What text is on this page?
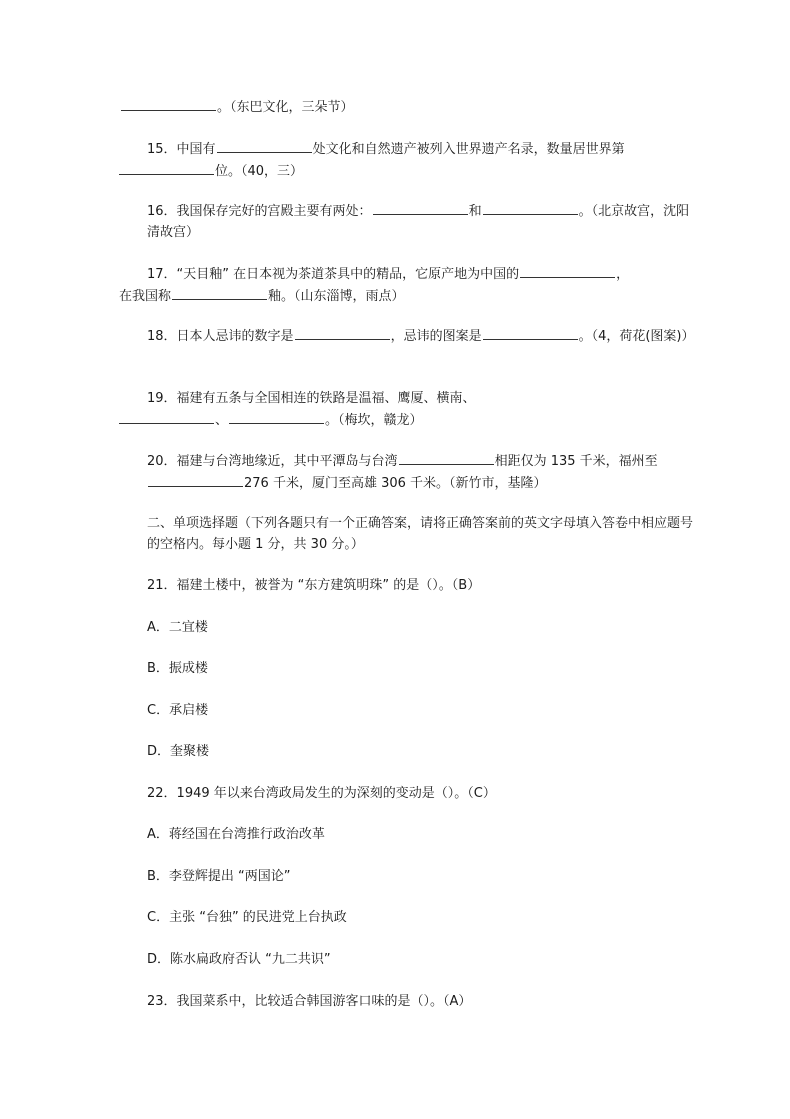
。（东巴文化，三朵节）

15．中国有	处文化和自然遗产被列入世界遗产名录，数量居世界第
位。（40，三）

16．我国保存完好的宫殿主要有两处：	和	。（北京故宫，沈阳清故宫）

17．“天目釉” 在日本视为茶道茶具中的精品，它原产地为中国的	，
在我国称	釉。（山东淄博，雨点）

18．日本人忌讳的数字是	，忌讳的图案是	。（4，荷花(图案)）

19．福建有五条与全国相连的铁路是温福、鹰厦、横南、
、	。（梅坎，赣龙）

20．福建与台湾地缘近，其中平潭岛与台湾	相距仅为 135 千米，福州至276 千米，厦门至高雄 306 千米。（新竹市，基隆）

二、单项选择题（下列各题只有一个正确答案，请将正确答案前的英文字母填入答卷中相应题号的空格内。每小题 1 分，共 30 分。）

21．福建土楼中，被誉为 “东方建筑明珠” 的是（）。（B）

A．二宜楼

B．振成楼

C．承启楼

D．奎聚楼

22．1949 年以来台湾政局发生的为深刻的变动是（）。（C）

A．蒋经国在台湾推行政治改革

B．李登辉提出 “两国论”

C．主张 “台独” 的民进党上台执政

D．陈水扁政府否认 “九二共识”

23．我国菜系中，比较适合韩国游客口味的是（）。（A）
